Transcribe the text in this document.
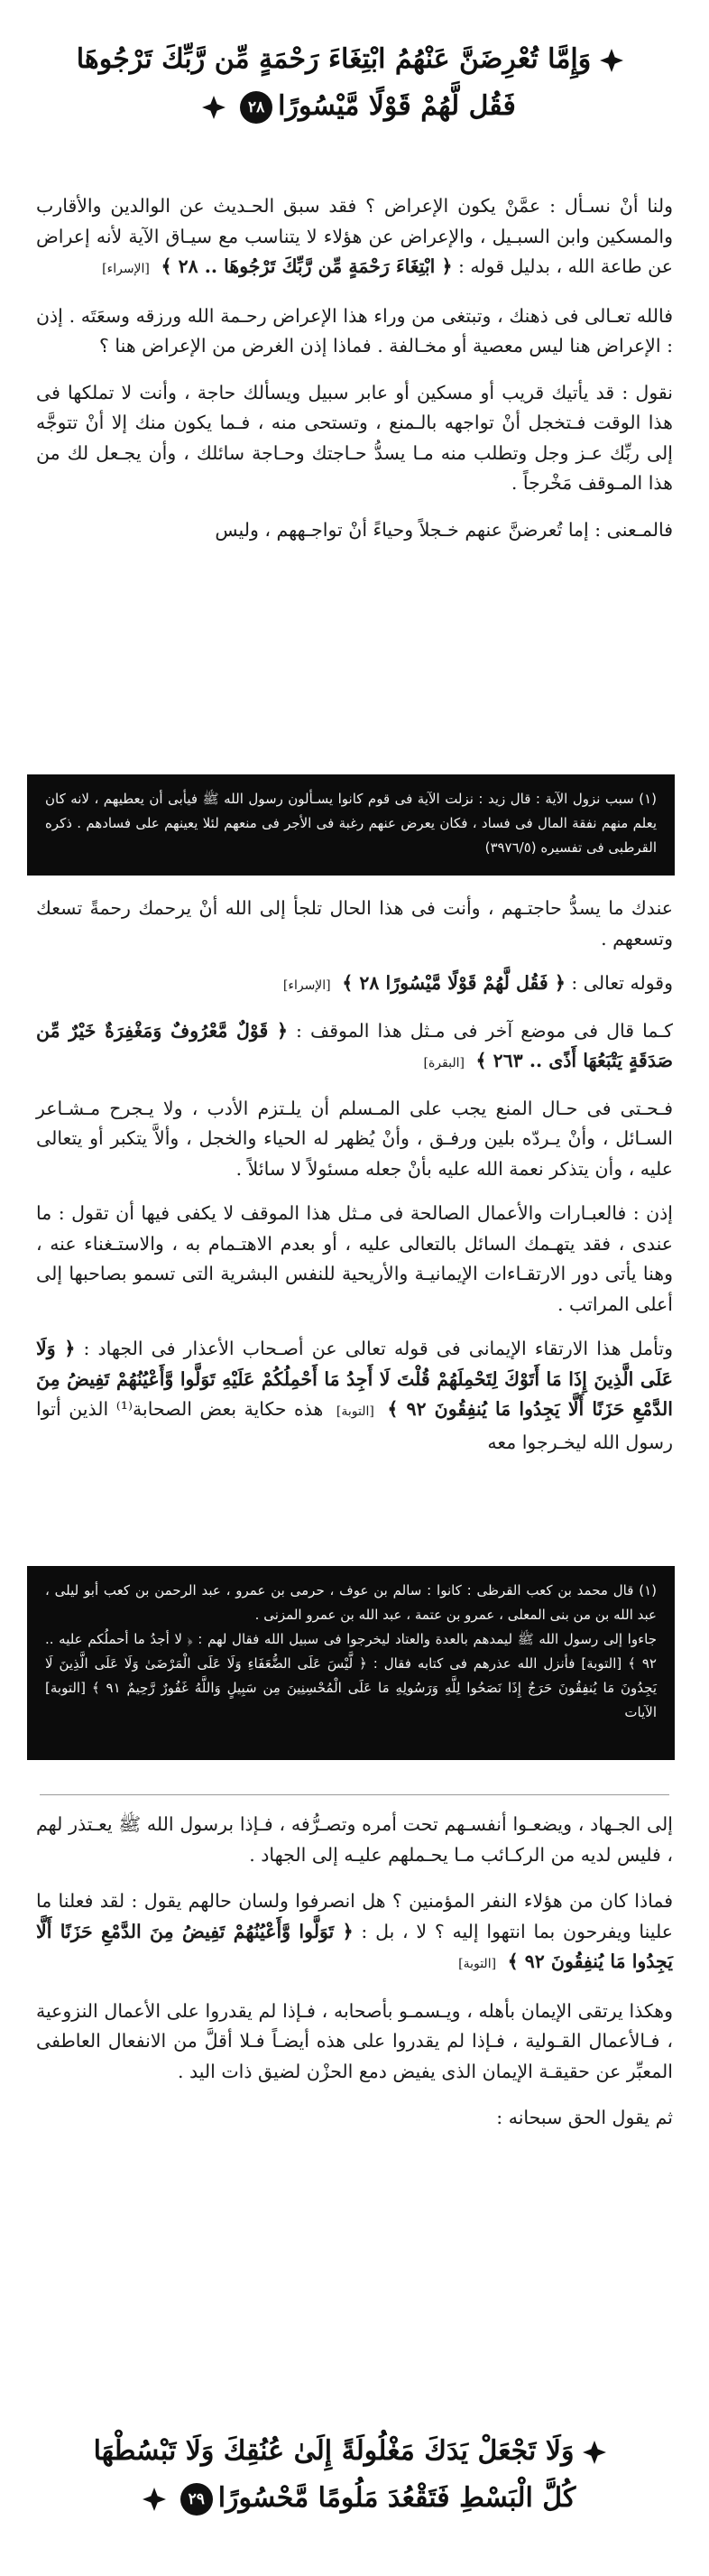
وَإِمَّا تُعْرِضَنَّ عَنْهُمُ ابْتِغَاءَ رَحْمَةٍ مِّن رَّبِّكَ تَرْجُوهَا
فَقُل لَّهُمْ قَوْلًا مَّيْسُورًا٢٨

ولنا أنْ نسـأل : عمَّنْ يكون الإعراض ؟ فقد سبق الحـديث عن الوالدين والأقارب والمسكين وابن السبـيل ، والإعراض عن هؤلاء لا يتناسب مع سيـاق الآية لأنه إعراض عن طاعة الله ، بدليل قوله : ﴿ ابْتِغَاءَ رَحْمَةٍ مِّن رَّبِّكَ تَرْجُوهَا .. ٢٨ ﴾ [الإسراء]

فالله تعـالى فى ذهنك ، وتبتغى من وراء هذا الإعراض رحـمة الله ورزقه وسعَتَه . إذن : الإعراض هنا ليس معصية أو مخـالفة . فماذا إذن الغرض من الإعراض هنا ؟

نقول : قد يأتيك قريب أو مسكين أو عابر سبيل ويسألك حاجة ، وأنت لا تملكها فى هذا الوقت فـتخجل أنْ تواجهه بالـمنع ، وتستحى منه ، فـما يكون منك إلا أنْ تتوجَّه إلى ربِّك عـز وجل وتطلب منه مـا يسدُّ حـاجتك وحـاجة سائلك ، وأن يجـعل لك من هذا المـوقف مَخْرجاً .

فالمـعنى : إما تُعرضنَّ عنهم خـجلاً وحياءً أنْ تواجـههم ، وليس

(١) سبب نزول الآية : قال زيد : نزلت الآية فى قوم كانوا يسـألون رسول الله ﷺ فيأبى أن يعطيهم ، لانه كان يعلم منهم نفقة المال فى فساد ، فكان يعرض عنهم رغبة فى الأجر فى منعهم لئلا يعينهم على فسادهم . ذكره القرطبى فى تفسيره (٣٩٧٦/٥)

عندك ما يسدُّ حاجتـهم ، وأنت فى هذا الحال تلجأ إلى الله أنْ يرحمك رحمةً تسعك وتسعهم .

وقوله تعالى : ﴿ فَقُل لَّهُمْ قَوْلًا مَّيْسُورًا ٢٨ ﴾ [الإسراء]

كـما قال فى موضع آخر فى مـثل هذا الموقف : ﴿ قَوْلٌ مَّعْرُوفٌ وَمَغْفِرَةٌ خَيْرٌ مِّن صَدَقَةٍ يَتْبَعُهَا أَذًى .. ٢٦٣ ﴾ [البقرة]

فـحـتى فى حـال المنع يجب على المـسلم أن يلـتزم الأدب ، ولا يـجرح مـشـاعر السـائل ، وأنْ يـردّه بلين ورفـق ، وأنْ يُظهر له الحياء والخجل ، وألاَّ يتكبر أو يتعالى عليه ، وأن يتذكر نعمة الله عليه بأنْ جعله مسئولاً لا سائلاً .

إذن : فالعبـارات والأعمال الصالحة فى مـثل هذا الموقف لا يكفى فيها أن تقول : ما عندى ، فقد يتهـمك السائل بالتعالى عليه ، أو بعدم الاهتـمام به ، والاستـغناء عنه ، وهنا يأتى دور الارتقـاءات الإيمانيـة والأريحية للنفس البشرية التى تسمو بصاحبها إلى أعلى المراتب .

وتأمل هذا الارتقاء الإيمانى فى قوله تعالى عن أصـحاب الأعذار فى الجهاد : ﴿ وَلَا عَلَى الَّذِينَ إِذَا مَا أَتَوْكَ لِتَحْمِلَهُمْ قُلْتَ لَا أَجِدُ مَا أَحْمِلُكُمْ عَلَيْهِ تَوَلَّوا وَّأَعْيُنُهُمْ تَفِيضُ مِنَ الدَّمْعِ حَزَنًا أَلَّا يَجِدُوا مَا يُنفِقُونَ ٩٢ ﴾ [التوبة] هذه حكاية بعض الصحابة⁽¹⁾ الذين أتوا رسول الله ليخـرجوا معه

(١) قال محمد بن كعب القرظى : كانوا : سالم بن عوف ، حرمى بن عمرو ، عبد الرحمن بن كعب أبو ليلى ، عبد الله بن من بنى المعلى ، عمرو بن عتمة ، عبد الله بن عمرو المزنى .

جاءوا إلى رسول الله ﷺ ليمدهم بالعدة والعتاد ليخرجوا فى سبيل الله فقال لهم : ﴿ لا أجدُ ما أحملُكم عليه .. ٩٢ ﴾ [التوبة] فأنزل الله عذرهم فى كتابه فقال : ﴿ لَّيْسَ عَلَى الضُّعَفَاءِ وَلَا عَلَى الْمَرْضَىٰ وَلَا عَلَى الَّذِينَ لَا يَجِدُونَ مَا يُنفِقُونَ حَرَجٌ إِذَا نَصَحُوا لِلَّهِ وَرَسُولِهِ مَا عَلَى الْمُحْسِنِينَ مِن سَبِيلٍ وَاللَّهُ غَفُورٌ رَّحِيمٌ ٩١ ﴾ [التوبة] الآيات

إلى الجـهاد ، ويضعـوا أنفسـهم تحت أمره وتصـرُّفه ، فـإذا برسول الله ﷺ يعـتذر لهم ، فليس لديه من الركـائب مـا يحـملهم عليـه إلى الجهاد .

فماذا كان من هؤلاء النفر المؤمنين ؟ هل انصرفوا ولسان حالهم يقول : لقد فعلنا ما علينا ويفرحون بما انتهوا إليه ؟ لا ، بل : ﴿ تَوَلَّوا وَّأَعْيُنُهُمْ تَفِيضُ مِنَ الدَّمْعِ حَزَنًا أَلَّا يَجِدُوا مَا يُنفِقُونَ ٩٢ ﴾ [التوبة]

وهكذا يرتقى الإيمان بأهله ، ويـسمـو بأصحابه ، فـإذا لم يقدروا على الأعمال النزوعية ، فـالأعمال القـولية ، فـإذا لم يقدروا على هذه أيضـاً فـلا أقلَّ من الانفعال العاطفى المعبِّر عن حقيقـة الإيمان الذى يفيض دمع الحزْن لضيق ذات اليد .

ثم يقول الحق سبحانه :

وَلَا تَجْعَلْ يَدَكَ مَغْلُولَةً إِلَىٰ عُنُقِكَ وَلَا تَبْسُطْهَا
كُلَّ الْبَسْطِ فَتَقْعُدَ مَلُومًا مَّحْسُورًا٢٩
